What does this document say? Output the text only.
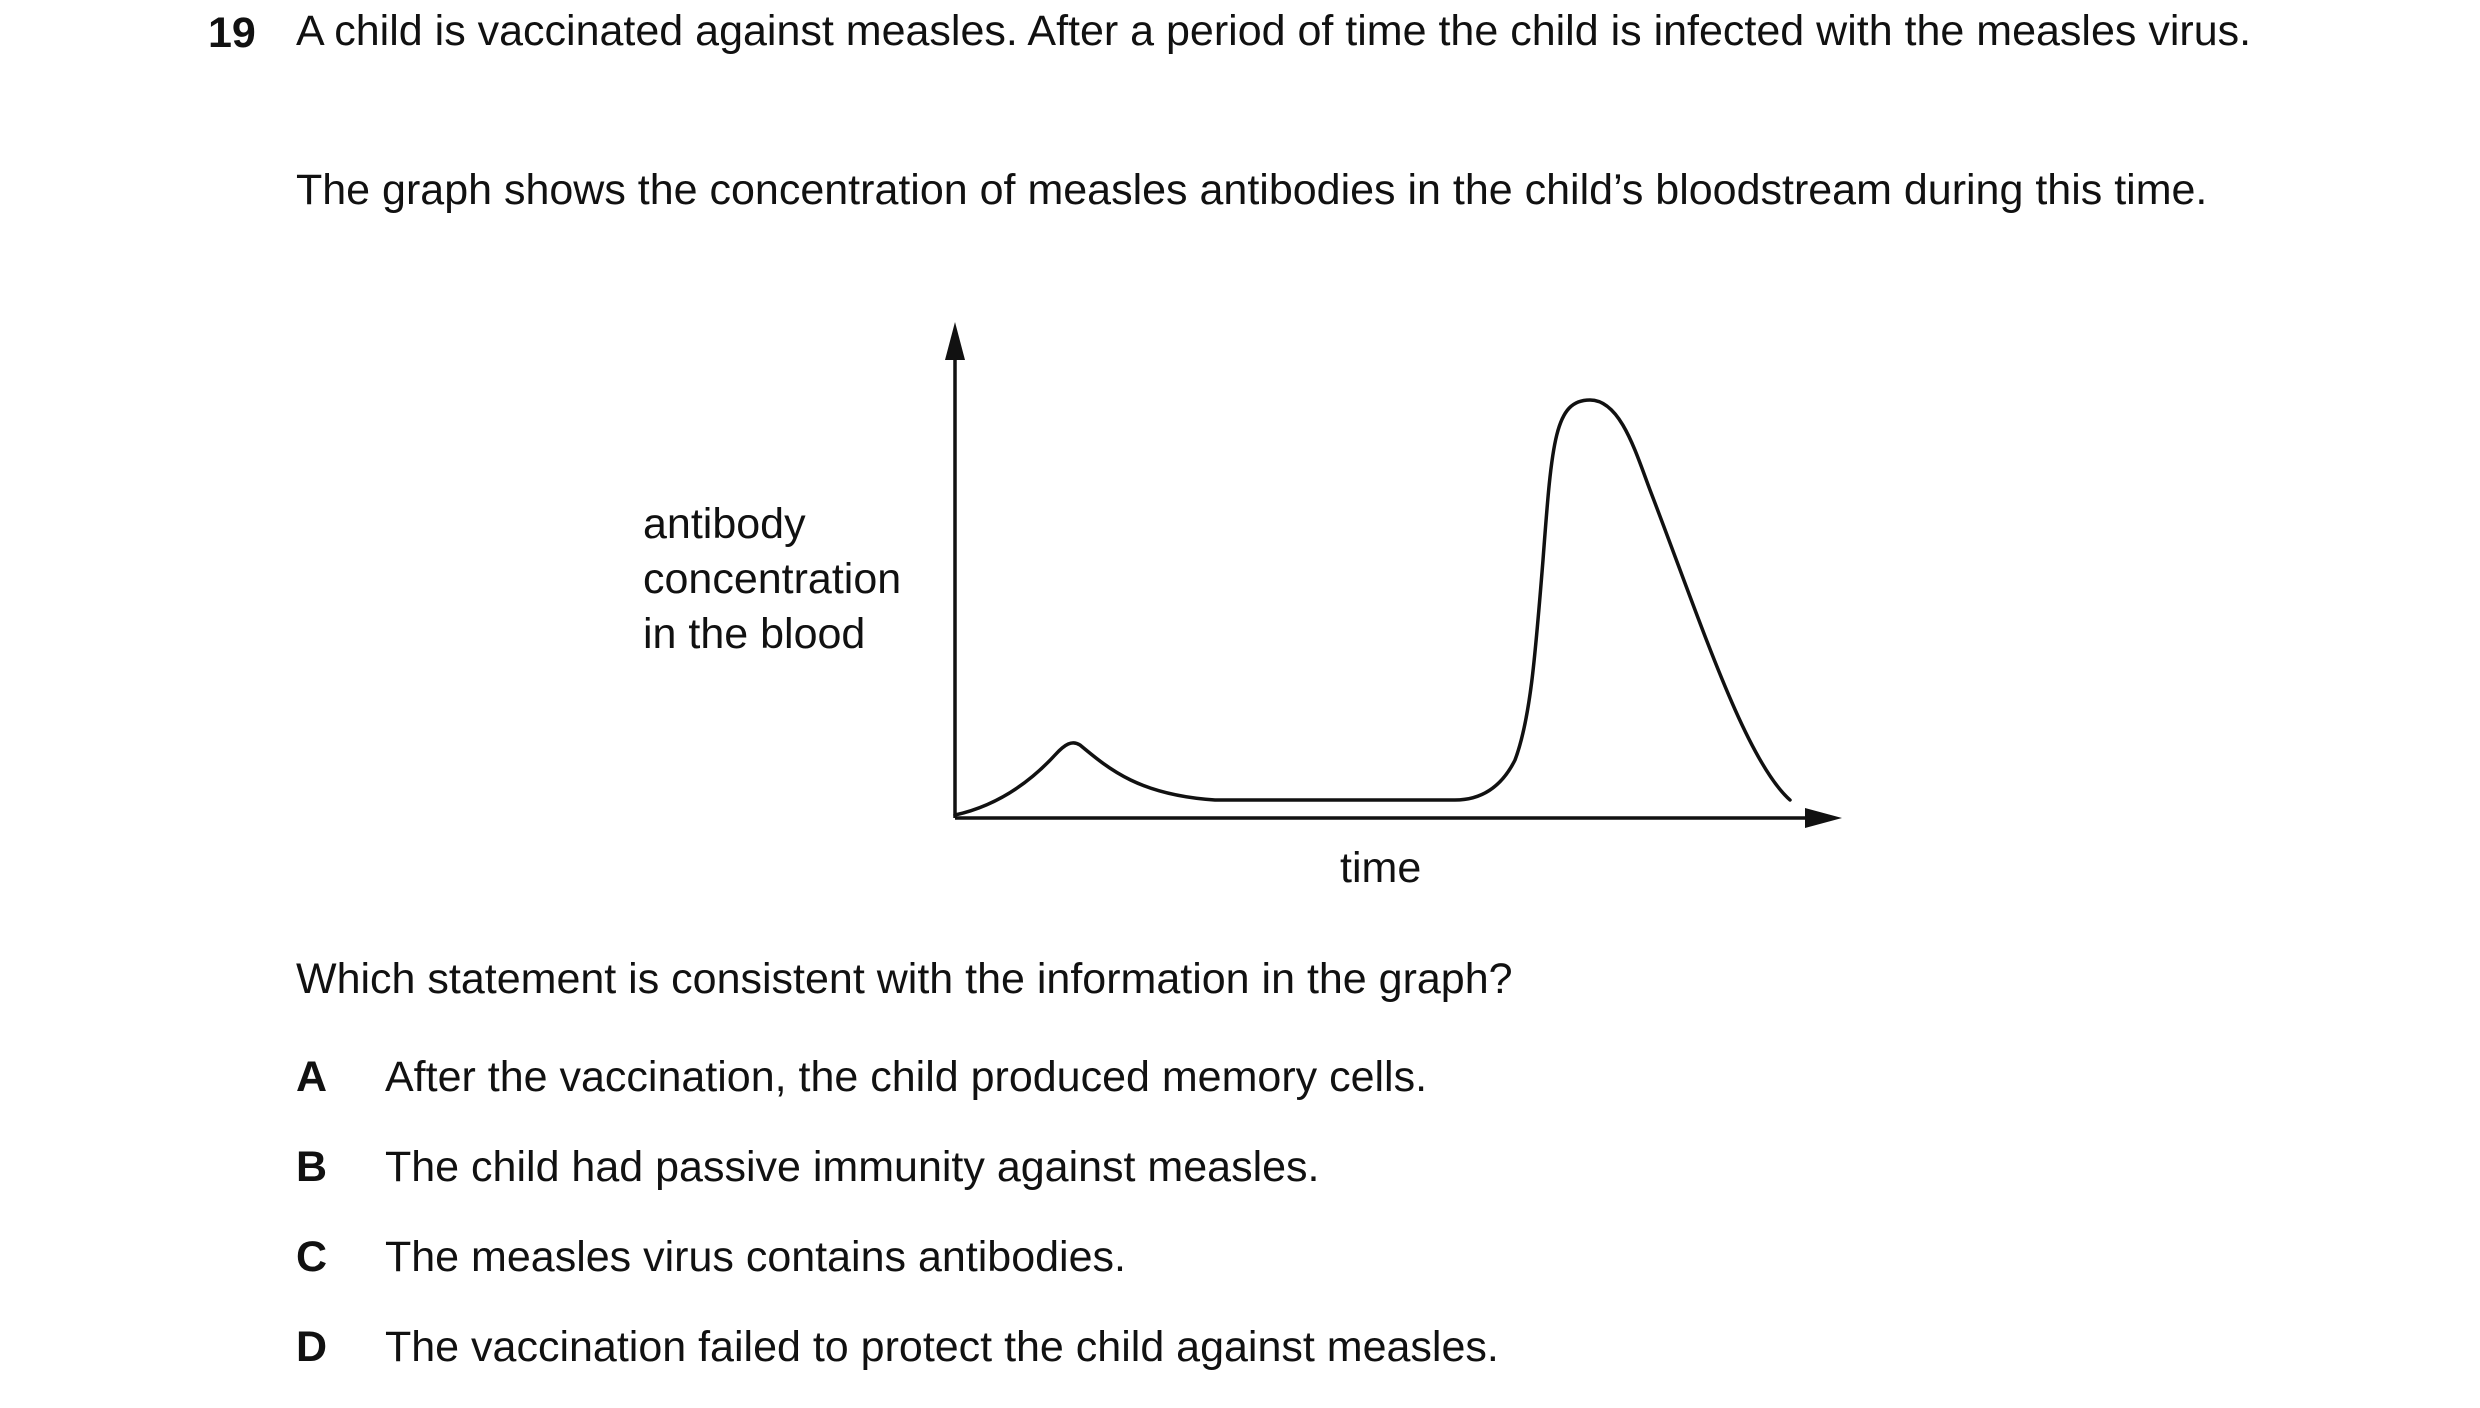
19 A child is vaccinated against measles. After a period of time the child is infected with the measles virus.
The graph shows the concentration of measles antibodies in the child’s bloodstream during this time.
antibody
concentration
in the blood
time
Which statement is consistent with the information in the graph?
A After the vaccination, the child produced memory cells.
B The child had passive immunity against measles.
C The measles virus contains antibodies.
D The vaccination failed to protect the child against measles.
